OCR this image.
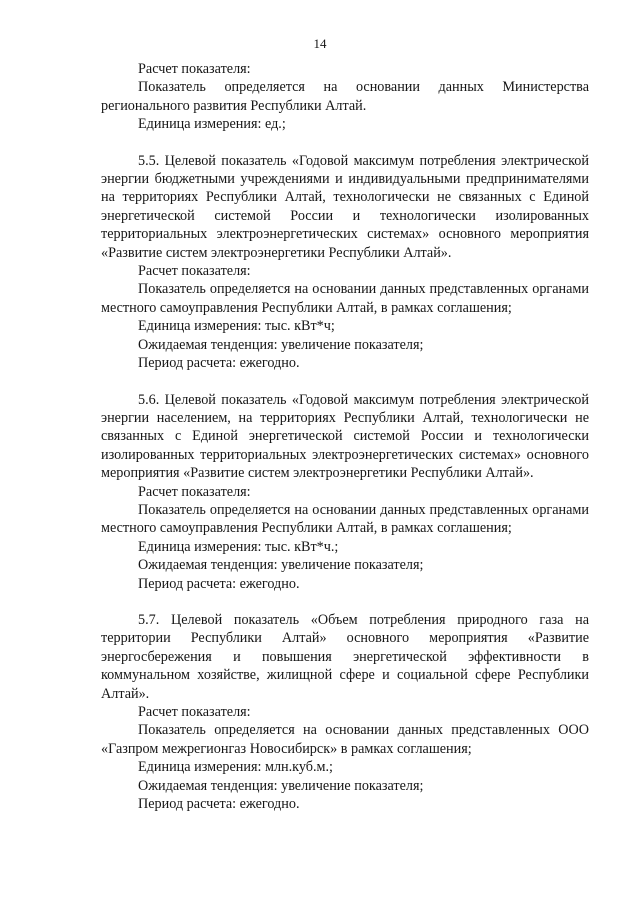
14

Расчет показателя:

Показатель определяется на основании данных Министерства регионального развития Республики Алтай.

Единица измерения: ед.;

5.5. Целевой показатель «Годовой максимум потребления электрической энергии бюджетными учреждениями и индивидуальными предпринимателями на территориях Республики Алтай, технологически не связанных с Единой энергетической системой России и технологически изолированных территориальных электроэнергетических системах» основного мероприятия «Развитие систем электроэнергетики Республики Алтай».

Расчет показателя:

Показатель определяется на основании данных представленных органами местного самоуправления Республики Алтай, в рамках соглашения;

Единица измерения: тыс. кВт*ч;

Ожидаемая тенденция: увеличение показателя;

Период расчета: ежегодно.

5.6. Целевой показатель «Годовой максимум потребления электрической энергии населением, на территориях Республики Алтай, технологически не связанных с Единой энергетической системой России и технологически изолированных территориальных электроэнергетических системах» основного мероприятия «Развитие систем электроэнергетики Республики Алтай».

Расчет показателя:

Показатель определяется на основании данных представленных органами местного самоуправления Республики Алтай, в рамках соглашения;

Единица измерения: тыс. кВт*ч.;

Ожидаемая тенденция: увеличение показателя;

Период расчета: ежегодно.

5.7. Целевой показатель «Объем потребления природного газа на территории Республики Алтай» основного мероприятия «Развитие энергосбережения и повышения энергетической эффективности в коммунальном хозяйстве, жилищной сфере и социальной сфере Республики Алтай».

Расчет показателя:

Показатель определяется на основании данных представленных ООО «Газпром межрегионгаз Новосибирск» в рамках соглашения;

Единица измерения: млн.куб.м.;

Ожидаемая тенденция: увеличение показателя;

Период расчета: ежегодно.
